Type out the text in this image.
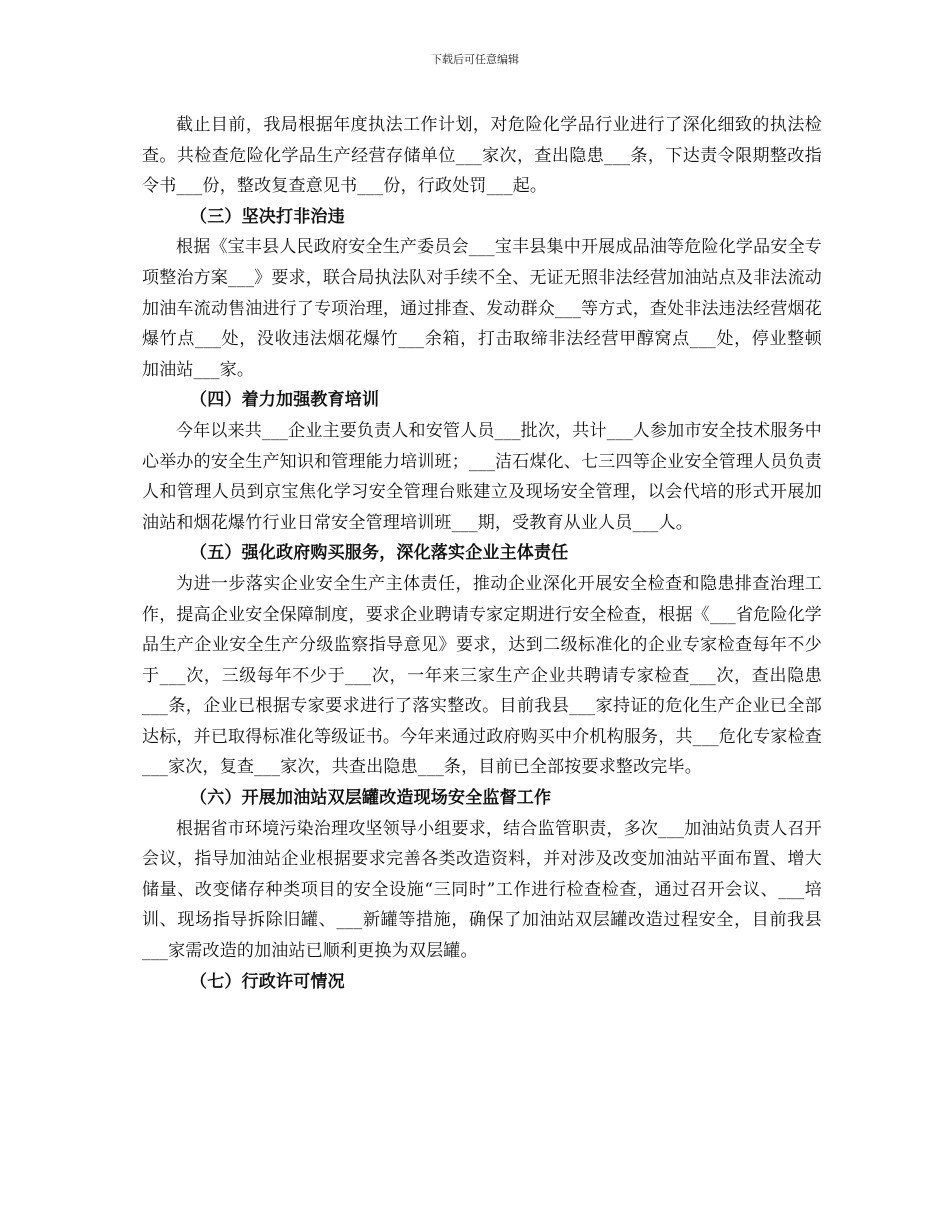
下载后可任意编辑

截止目前，我局根据年度执法工作计划，对危险化学品行业进行了深化细致的执法检查。共检查危险化学品生产经营存储单位___家次，查出隐患___条，下达责令限期整改指令书___份，整改复查意见书___份，行政处罚___起。

（三）坚决打非治违

根据《宝丰县人民政府安全生产委员会___宝丰县集中开展成品油等危险化学品安全专项整治方案___》要求，联合局执法队对手续不全、无证无照非法经营加油站点及非法流动加油车流动售油进行了专项治理，通过排查、发动群众___等方式，查处非法违法经营烟花爆竹点___处，没收违法烟花爆竹___余箱，打击取缔非法经营甲醇窝点___处，停业整顿加油站___家。

（四）着力加强教育培训

今年以来共___企业主要负责人和安管人员___批次，共计___人参加市安全技术服务中心举办的安全生产知识和管理能力培训班；___洁石煤化、七三四等企业安全管理人员负责人和管理人员到京宝焦化学习安全管理台账建立及现场安全管理，以会代培的形式开展加油站和烟花爆竹行业日常安全管理培训班___期，受教育从业人员___人。

（五）强化政府购买服务，深化落实企业主体责任

为进一步落实企业安全生产主体责任，推动企业深化开展安全检查和隐患排查治理工作，提高企业安全保障制度，要求企业聘请专家定期进行安全检查，根据《___省危险化学品生产企业安全生产分级监察指导意见》要求，达到二级标准化的企业专家检查每年不少于___次，三级每年不少于___次，一年来三家生产企业共聘请专家检查___次，查出隐患___条，企业已根据专家要求进行了落实整改。目前我县___家持证的危化生产企业已全部达标，并已取得标准化等级证书。今年来通过政府购买中介机构服务，共___危化专家检查___家次，复查___家次，共查出隐患___条，目前已全部按要求整改完毕。

（六）开展加油站双层罐改造现场安全监督工作

根据省市环境污染治理攻坚领导小组要求，结合监管职责，多次___加油站负责人召开会议，指导加油站企业根据要求完善各类改造资料，并对涉及改变加油站平面布置、增大储量、改变储存种类项目的安全设施“三同时”工作进行检查检查，通过召开会议、___培训、现场指导拆除旧罐、___新罐等措施，确保了加油站双层罐改造过程安全，目前我县___家需改造的加油站已顺利更换为双层罐。

（七）行政许可情况
